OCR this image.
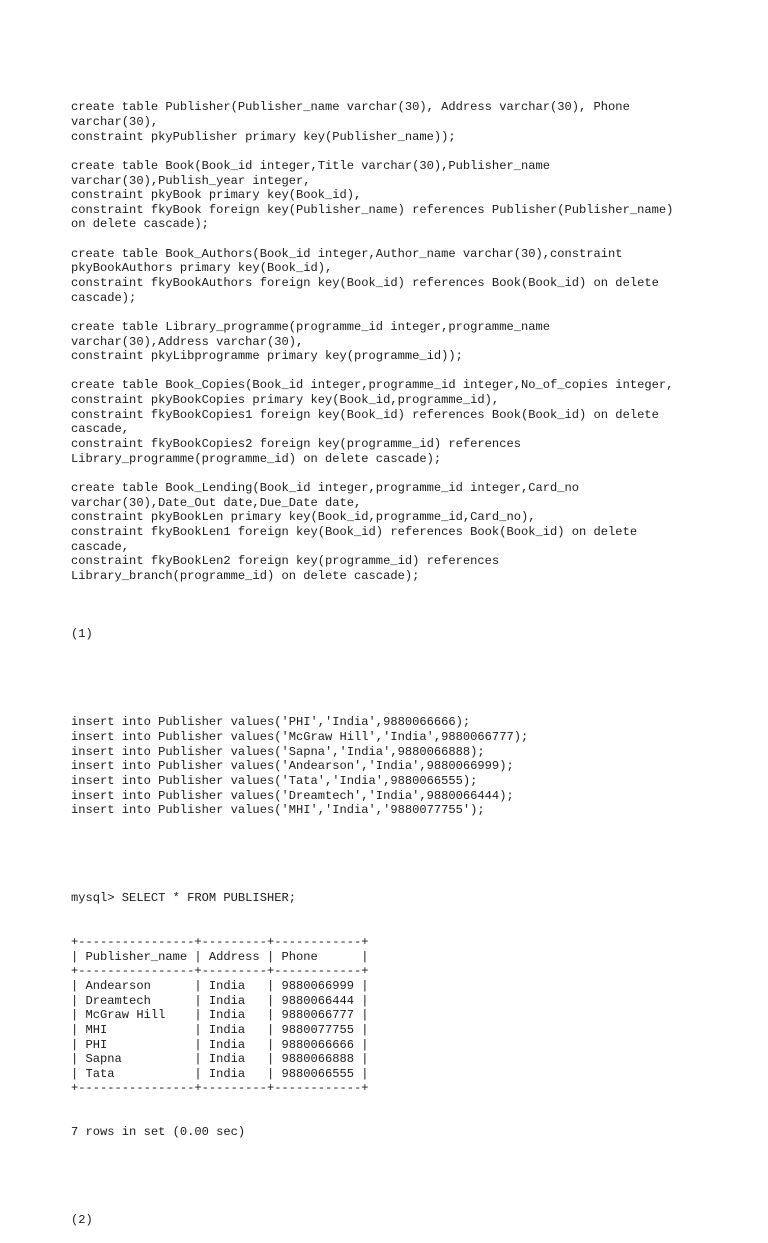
create table Publisher(Publisher_name varchar(30), Address varchar(30), Phone
varchar(30),
constraint pkyPublisher primary key(Publisher_name));
create table Book(Book_id integer,Title varchar(30),Publisher_name
varchar(30),Publish_year integer,
constraint pkyBook primary key(Book_id),
constraint fkyBook foreign key(Publisher_name) references Publisher(Publisher_name)
on delete cascade);
create table Book_Authors(Book_id integer,Author_name varchar(30),constraint
pkyBookAuthors primary key(Book_id),
constraint fkyBookAuthors foreign key(Book_id) references Book(Book_id) on delete
cascade);
create table Library_programme(programme_id integer,programme_name
varchar(30),Address varchar(30),
constraint pkyLibprogramme primary key(programme_id));
create table Book_Copies(Book_id integer,programme_id integer,No_of_copies integer,
constraint pkyBookCopies primary key(Book_id,programme_id),
constraint fkyBookCopies1 foreign key(Book_id) references Book(Book_id) on delete
cascade,
constraint fkyBookCopies2 foreign key(programme_id) references
Library_programme(programme_id) on delete cascade);
create table Book_Lending(Book_id integer,programme_id integer,Card_no
varchar(30),Date_Out date,Due_Date date,
constraint pkyBookLen primary key(Book_id,programme_id,Card_no),
constraint fkyBookLen1 foreign key(Book_id) references Book(Book_id) on delete
cascade,
constraint fkyBookLen2 foreign key(programme_id) references
Library_branch(programme_id) on delete cascade);

(1)

insert into Publisher values('PHI','India',9880066666);
insert into Publisher values('McGraw Hill','India',9880066777);
insert into Publisher values('Sapna','India',9880066888);
insert into Publisher values('Andearson','India',9880066999);
insert into Publisher values('Tata','India',9880066555);
insert into Publisher values('Dreamtech','India',9880066444);
insert into Publisher values('MHI','India','9880077755');

mysql> SELECT * FROM PUBLISHER;

+----------------+---------+------------+
| Publisher_name | Address | Phone      |
+----------------+---------+------------+
| Andearson      | India   | 9880066999 |
| Dreamtech      | India   | 9880066444 |
| McGraw Hill    | India   | 9880066777 |
| MHI            | India   | 9880077755 |
| PHI            | India   | 9880066666 |
| Sapna          | India   | 9880066888 |
| Tata           | India   | 9880066555 |
+----------------+---------+------------+

7 rows in set (0.00 sec)

(2)
